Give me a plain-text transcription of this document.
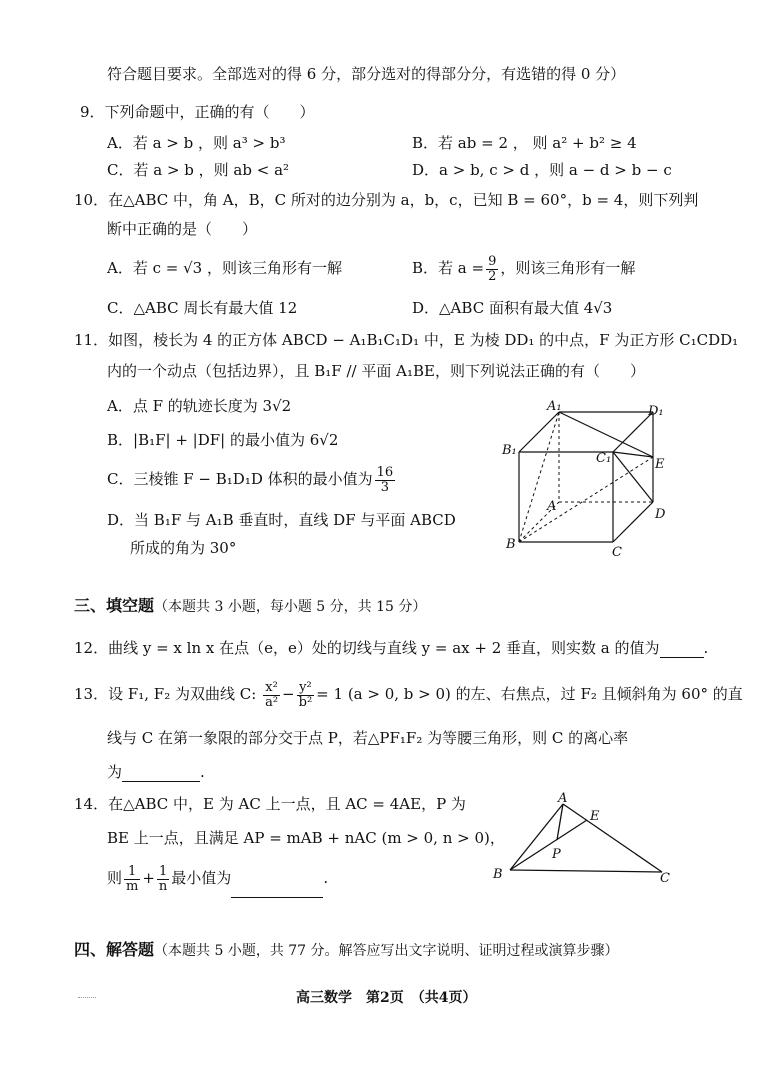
符合题目要求。全部选对的得 6 分，部分选对的得部分分，有选错的得 0 分）
9．下列命题中，正确的有（　　）
A．若 a > b ，则 a³ > b³	B．若 ab = 2 ， 则 a² + b² ≥ 4
C．若 a > b ，则 ab < a²	D．a > b, c > d ，则 a − d > b − c
10．在△ABC 中，角 A，B，C 所对的边分别为 a，b，c，已知 B = 60°，b = 4，则下列判
断中正确的是（　　）
A．若 c = √3 ，则该三角形有一解	B．若 $a = \frac{9}{2}$ ，则该三角形有一解
C．△ABC 周长有最大值 12	D．△ABC 面积有最大值 4√3
11．如图，棱长为 4 的正方体 ABCD − A₁B₁C₁D₁ 中，E 为棱 DD₁ 的中点，F 为正方形 C₁CDD₁
内的一个动点（包括边界），且 B₁F // 平面 A₁BE，则下列说法正确的有（　　）
A．点 F 的轨迹长度为 3√2
B．|B₁F| + |DF| 的最小值为 6√2
C．三棱锥 F − B₁D₁D 体积的最小值为 $\frac{16}{3}$
D．当 B₁F 与 A₁B 垂直时，直线 DF 与平面 ABCD
所成的角为 30°
A₁	D₁
B₁
C₁	E
A
D
B
C
三、填空题（本题共 3 小题，每小题 5 分，共 15 分）
12．曲线 y = x ln x 在点（e，e）处的切线与直线 y = ax + 2 垂直，则实数 a 的值为	.
13．设 F₁, F₂ 为双曲线 C: $\frac{\text{x²}}{\text{a²}} - \frac{\text{y²}}{\text{b²}} = 1$ (a > 0, b > 0) 的左、右焦点，过 F₂ 且倾斜角为 60° 的直
线与 C 在第一象限的部分交于点 P，若△PF₁F₂ 为等腰三角形，则 C 的离心率
为	.
14．在△ABC 中，E 为 AC 上一点，且 AC = 4AE，P 为
BE 上一点，且满足 AP = mAB + nAC (m > 0, n > 0)，
则 $\frac{1}{m} + \frac{1}{n}$ 最小值为	.
A
E
P
B	C
四、解答题（本题共 5 小题，共 77 分。解答应写出文字说明、证明过程或演算步骤）
高三数学　第2页　（共4页）
